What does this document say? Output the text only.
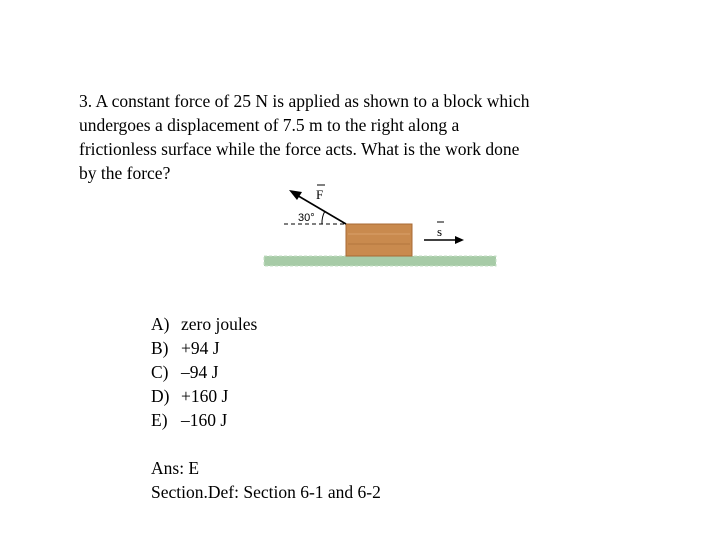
3. A constant force of 25 N is applied as shown to a block which

undergoes a displacement of 7.5 m to the right along a

frictionless surface while the force acts. What is the work done

by the force?

30°
F
s
A) zero joules
B) +94 J
C) –94 J
D) +160 J
E) –160 J
Ans: E
Section.Def: Section 6-1 and 6-2
